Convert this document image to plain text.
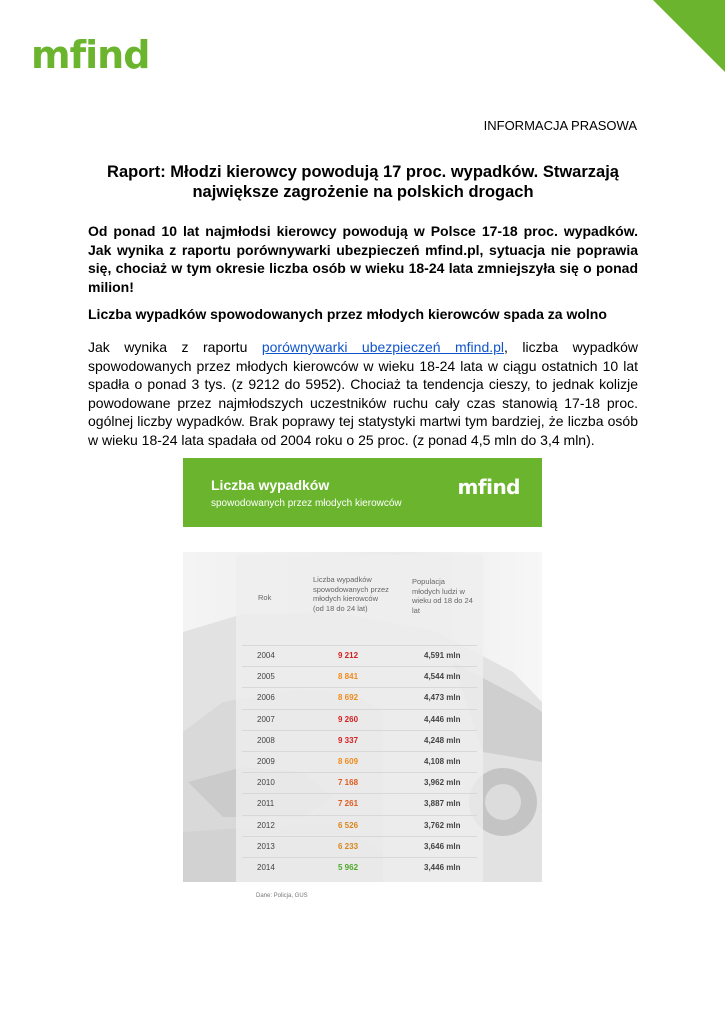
mfind
INFORMACJA PRASOWA
Raport: Młodzi kierowcy powodują 17 proc. wypadków. Stwarzają największe zagrożenie na polskich drogach

Od ponad 10 lat najmłodsi kierowcy powodują w Polsce 17-18 proc. wypadków. Jak wynika z raportu porównywarki ubezpieczeń mfind.pl, sytuacja nie poprawia się, chociaż w tym okresie liczba osób w wieku 18-24 lata zmniejszyła się o ponad milion!

Liczba wypadków spowodowanych przez młodych kierowców spada za wolno

Jak wynika z raportu porównywarki ubezpieczeń mfind.pl, liczba wypadków spowodowanych przez młodych kierowców w wieku 18-24 lata w ciągu ostatnich 10 lat spadła o ponad 3 tys. (z 9212 do 5952). Chociaż ta tendencja cieszy, to jednak kolizje powodowane przez najmłodszych uczestników ruchu cały czas stanowią 17-18 proc. ogólnej liczby wypadków. Brak poprawy tej statystyki martwi tym bardziej, że liczba osób w wieku 18-24 lata spadała od 2004 roku o 25 proc. (z ponad 4,5 mln do 3,4 mln).

Liczba wypadków
spowodowanych przez młodych kierowców
mfind
Rok
Liczba wypadków spowodowanych przez młodych kierowców (od 18 do 24 lat)
Populacja młodych ludzi w wieku od 18 do 24 lat
2004	9 212	4,591 mln
2005	8 841	4,544 mln
2006	8 692	4,473 mln
2007	9 260	4,446 mln
2008	9 337	4,248 mln
2009	8 609	4,108 mln
2010	7 168	3,962 mln
2011	7 261	3,887 mln
2012	6 526	3,762 mln
2013	6 233	3,646 mln
2014	5 962	3,446 mln
Dane: Policja, GUS
